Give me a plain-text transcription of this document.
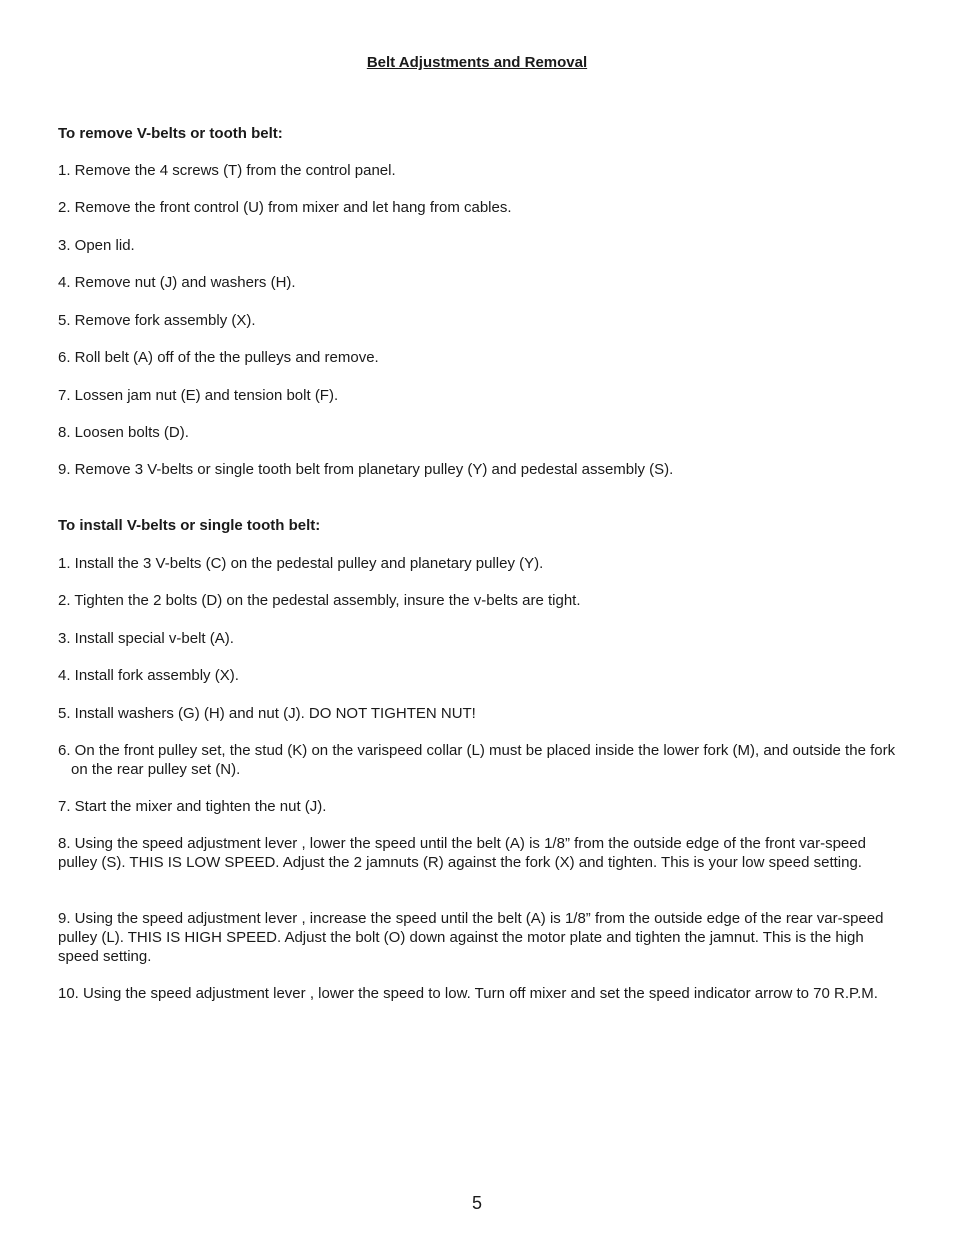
Belt Adjustments and Removal

To remove V-belts or tooth belt:

1. Remove the 4 screws (T) from the control panel.

2. Remove the front control (U) from mixer and let hang from cables.

3. Open lid.

4. Remove nut (J) and washers (H).

5. Remove fork assembly (X).

6. Roll belt (A) off of the the pulleys and remove.

7. Lossen jam nut (E) and tension bolt (F).

8. Loosen bolts (D).

9. Remove 3 V-belts or single tooth belt from planetary pulley (Y) and pedestal assembly (S).

To install V-belts or single tooth belt:

1. Install the 3 V-belts (C) on the pedestal pulley and planetary pulley (Y).

2. Tighten the 2 bolts (D) on the pedestal assembly, insure the v-belts are tight.

3. Install special v-belt (A).

4. Install fork assembly (X).

5. Install washers (G) (H) and nut (J). DO NOT TIGHTEN NUT!

6. On the front pulley set, the stud (K) on the varispeed collar (L) must be placed inside the lower fork (M), and outside the fork on the rear pulley set (N).

7. Start the mixer and tighten the nut (J).

8. Using the speed adjustment lever , lower the speed until the belt (A) is 1/8” from the outside edge of the front var-speed pulley (S). THIS IS LOW SPEED. Adjust the 2 jamnuts (R) against the fork (X) and tighten. This is your low speed setting.

9. Using the speed adjustment lever , increase the speed until the belt (A) is 1/8” from the outside edge of the rear var-speed pulley (L). THIS IS HIGH SPEED. Adjust the bolt (O) down against the motor plate and tighten the jamnut. This is the high speed setting.

10. Using the speed adjustment lever , lower the speed to low. Turn off mixer and set the speed indicator arrow to 70 R.P.M.

5
